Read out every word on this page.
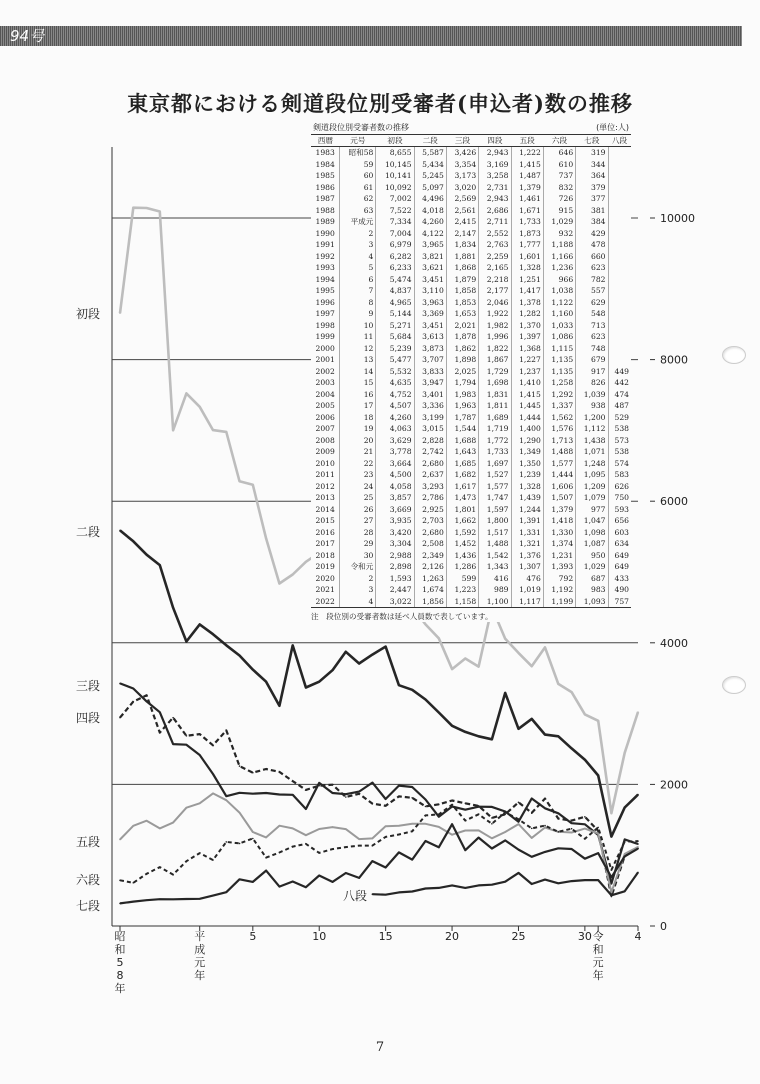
94号
東京都における剣道段位別受審者(申込者)数の推移
0
2000
4000
6000
8000
10000
昭和 5 8 年
平成元年
5	10	15	20	25	30 令和元年
4
初段
二段
三段
四段
五段
六段
七段
八段
剣道段位別受審者数の推移	(単位:人)
西暦	元号	初段	二段	三段	四段	五段	六段	七段	八段
1983	昭和58	8,655	5,587	3,426	2,943	1,222	646	319	
1984	59	10,145	5,434	3,354	3,169	1,415	610	344	
1985	60	10,141	5,245	3,173	3,258	1,487	737	364	
1986	61	10,092	5,097	3,020	2,731	1,379	832	379	
1987	62	7,002	4,496	2,569	2,943	1,461	726	377	
1988	63	7,522	4,018	2,561	2,686	1,671	915	381	
1989	平成元	7,334	4,260	2,415	2,711	1,733	1,029	384	
1990	2	7,004	4,122	2,147	2,552	1,873	932	429	
1991	3	6,979	3,965	1,834	2,763	1,777	1,188	478	
1992	4	6,282	3,821	1,881	2,259	1,601	1,166	660	
1993	5	6,233	3,621	1,868	2,165	1,328	1,236	623	
1994	6	5,474	3,451	1,879	2,218	1,251	966	782	
1995	7	4,837	3,110	1,858	2,177	1,417	1,038	557	
1996	8	4,965	3,963	1,853	2,046	1,378	1,122	629	
1997	9	5,144	3,369	1,653	1,922	1,282	1,160	548	
1998	10	5,271	3,451	2,021	1,982	1,370	1,033	713	
1999	11	5,684	3,613	1,878	1,996	1,397	1,086	623	
2000	12	5,239	3,873	1,862	1,822	1,368	1,115	748	
2001	13	5,477	3,707	1,898	1,867	1,227	1,135	679	
2002	14	5,532	3,833	2,025	1,729	1,237	1,135	917	449
2003	15	4,635	3,947	1,794	1,698	1,410	1,258	826	442
2004	16	4,752	3,401	1,983	1,831	1,415	1,292	1,039	474
2005	17	4,507	3,336	1,963	1,811	1,445	1,337	938	487
2006	18	4,260	3,199	1,787	1,689	1,444	1,562	1,200	529
2007	19	4,063	3,015	1,544	1,719	1,400	1,576	1,112	538
2008	20	3,629	2,828	1,688	1,772	1,290	1,713	1,438	573
2009	21	3,778	2,742	1,643	1,733	1,349	1,488	1,071	538
2010	22	3,664	2,680	1,685	1,697	1,350	1,577	1,248	574
2011	23	4,500	2,637	1,682	1,527	1,239	1,444	1,095	583
2012	24	4,058	3,293	1,617	1,577	1,328	1,606	1,209	626
2013	25	3,857	2,786	1,473	1,747	1,439	1,507	1,079	750
2014	26	3,669	2,925	1,801	1,597	1,244	1,379	977	593
2015	27	3,935	2,703	1,662	1,800	1,391	1,418	1,047	656
2016	28	3,420	2,680	1,592	1,517	1,331	1,330	1,098	603
2017	29	3,304	2,508	1,452	1,488	1,321	1,374	1,087	634
2018	30	2,988	2,349	1,436	1,542	1,376	1,231	950	649
2019	令和元	2,898	2,126	1,286	1,343	1,307	1,393	1,029	649
2020	2	1,593	1,263	599	416	476	792	687	433
2021	3	2,447	1,674	1,223	989	1,019	1,192	983	490
2022	4	3,022	1,856	1,158	1,100	1,117	1,199	1,093	757
注　段位別の受審者数は延べ人員数で表しています。
7
